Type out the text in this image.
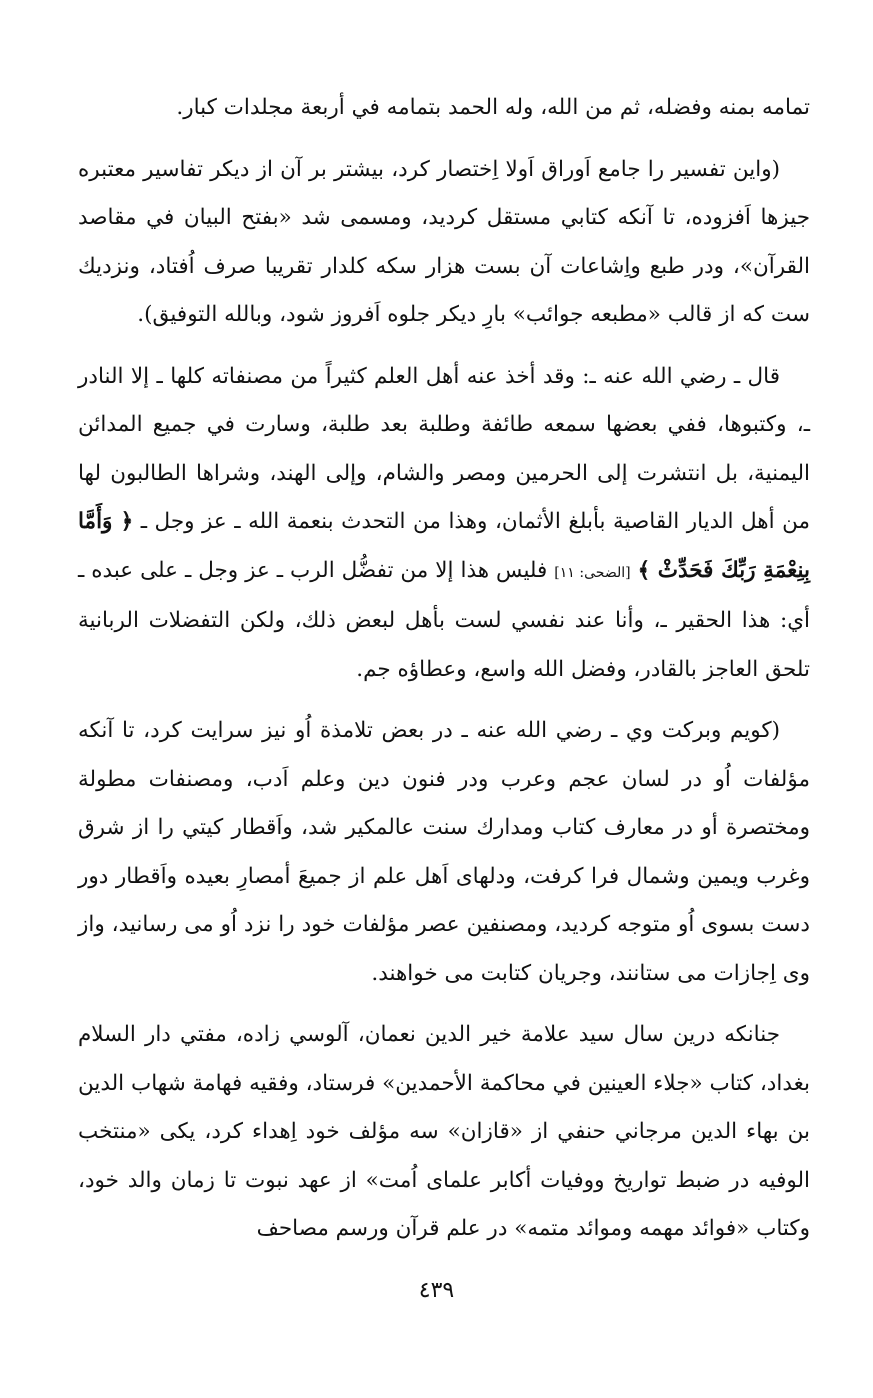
تمامه بمنه وفضله، ثم من الله، وله الحمد بتمامه في أربعة مجلدات كبار.

(واين تفسير را جامع اَوراق اَولا اِختصار كرد، بيشتر بر آن از ديكر تفاسير معتبره جيزها اَفزوده، تا آنكه كتابي مستقل كرديد، ومسمى شد «بفتح البيان في مقاصد القرآن»، ودر طبع واِشاعات آن بست هزار سكه كلدار تقريبا صرف اُفتاد، ونزديك ست كه از قالب «مطبعه جوائب» بارِ ديكر جلوه اَفروز شود، وبالله التوفيق).

قال ـ رضي الله عنه ـ: وقد أخذ عنه أهل العلم كثيراً من مصنفاته كلها ـ إلا النادر ـ، وكتبوها، ففي بعضها سمعه طائفة وطلبة بعد طلبة، وسارت في جميع المدائن اليمنية، بل انتشرت إلى الحرمين ومصر والشام، وإلى الهند، وشراها الطالبون لها من أهل الديار القاصية بأبلغ الأثمان، وهذا من التحدث بنعمة الله ـ عز وجل ـ ﴿ وَأَمَّا بِنِعْمَةِ رَبِّكَ فَحَدِّثْ ﴾ [الضحى: ١١] فليس هذا إلا من تفضُّل الرب ـ عز وجل ـ على عبده ـ أي: هذا الحقير ـ، وأنا عند نفسي لست بأهل لبعض ذلك، ولكن التفضلات الربانية تلحق العاجز بالقادر، وفضل الله واسع، وعطاؤه جم.

(كويم وبركت وي ـ رضي الله عنه ـ در بعض تلامذة اُو نيز سرايت كرد، تا آنكه مؤلفات اُو در لسان عجم وعرب ودر فنون دين وعلم اَدب، ومصنفات مطولة ومختصرة أو در معارف كتاب ومدارك سنت عالمكير شد، واَقطار كيتي را از شرق وغرب ويمين وشمال فرا كرفت، ودلهاى اَهل علم از جميعَ أمصارِ بعيده واَقطار دور دست بسوى اُو متوجه كرديد، ومصنفين عصر مؤلفات خود را نزد اُو مى رسانيد، واز وى اِجازات مى ستانند، وجريان كتابت مى خواهند.

جنانكه درين سال سيد علامة خير الدين نعمان، آلوسي زاده، مفتي دار السلام بغداد، كتاب «جلاء العينين في محاكمة الأحمدين» فرستاد، وفقيه فهامة شهاب الدين بن بهاء الدين مرجاني حنفي از «قازان» سه مؤلف خود اِهداء كرد، يكى «منتخب الوفيه در ضبط تواريخ ووفيات أكابر علماى اُمت» از عهد نبوت تا زمان والد خود، وكتاب «فوائد مهمه وموائد متمه» در علم قرآن ورسم مصاحف

٤٣٩
